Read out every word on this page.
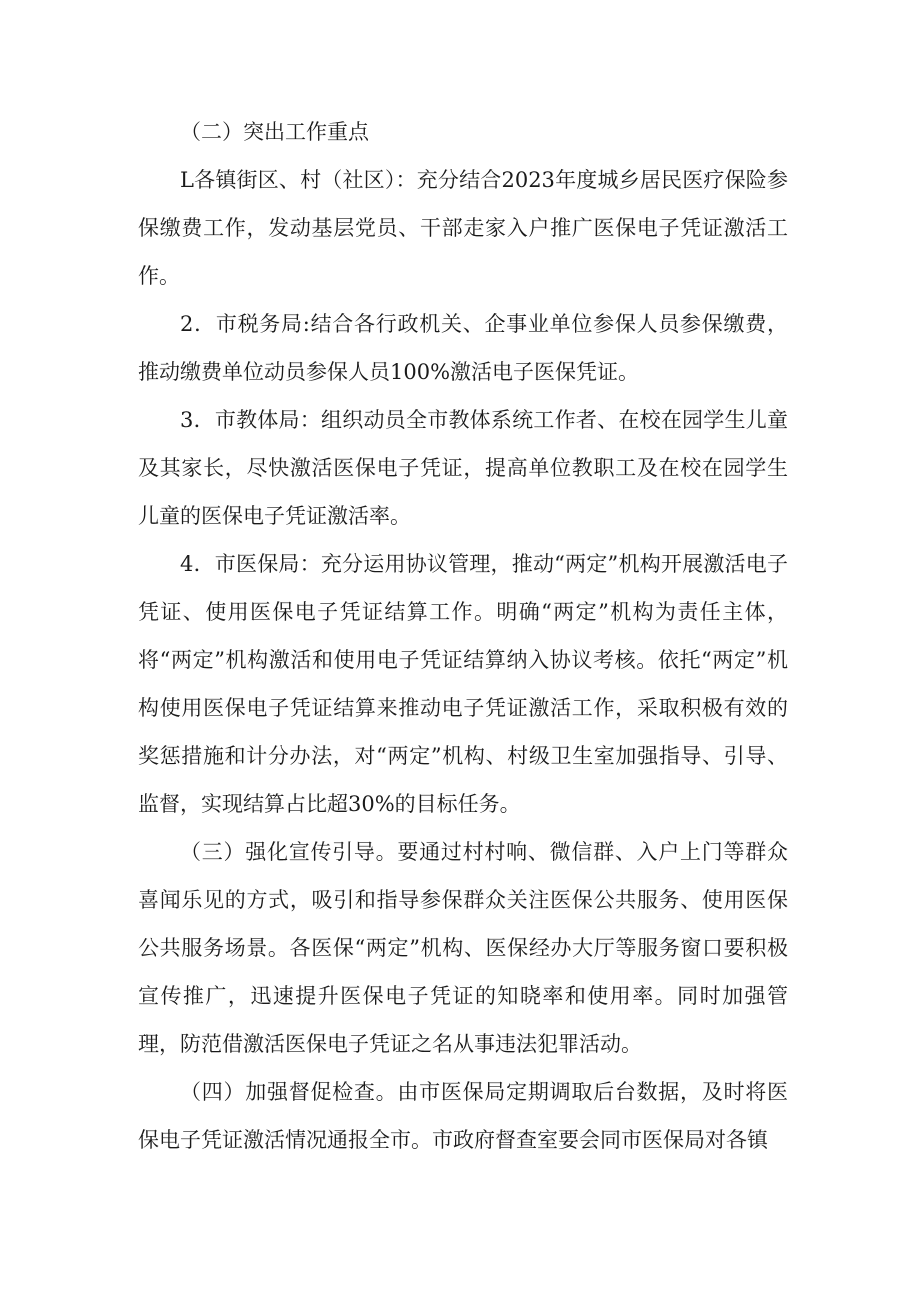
（二）突出工作重点

L各镇街区、村（社区）：充分结合2023年度城乡居民医疗保险参保缴费工作，发动基层党员、干部走家入户推广医保电子凭证激活工作。

2．市税务局:结合各行政机关、企事业单位参保人员参保缴费，推动缴费单位动员参保人员100%激活电子医保凭证。

3．市教体局：组织动员全市教体系统工作者、在校在园学生儿童及其家长，尽快激活医保电子凭证，提高单位教职工及在校在园学生儿童的医保电子凭证激活率。

4．市医保局：充分运用协议管理，推动“两定”机构开展激活电子凭证、使用医保电子凭证结算工作。明确“两定”机构为责任主体，将“两定”机构激活和使用电子凭证结算纳入协议考核。依托“两定”机构使用医保电子凭证结算来推动电子凭证激活工作，采取积极有效的奖惩措施和计分办法，对“两定”机构、村级卫生室加强指导、引导、监督，实现结算占比超30%的目标任务。

（三）强化宣传引导。要通过村村响、微信群、入户上门等群众喜闻乐见的方式，吸引和指导参保群众关注医保公共服务、使用医保公共服务场景。各医保“两定”机构、医保经办大厅等服务窗口要积极宣传推广，迅速提升医保电子凭证的知晓率和使用率。同时加强管理，防范借激活医保电子凭证之名从事违法犯罪活动。

（四）加强督促检查。由市医保局定期调取后台数据，及时将医保电子凭证激活情况通报全市。市政府督查室要会同市医保局对各镇
